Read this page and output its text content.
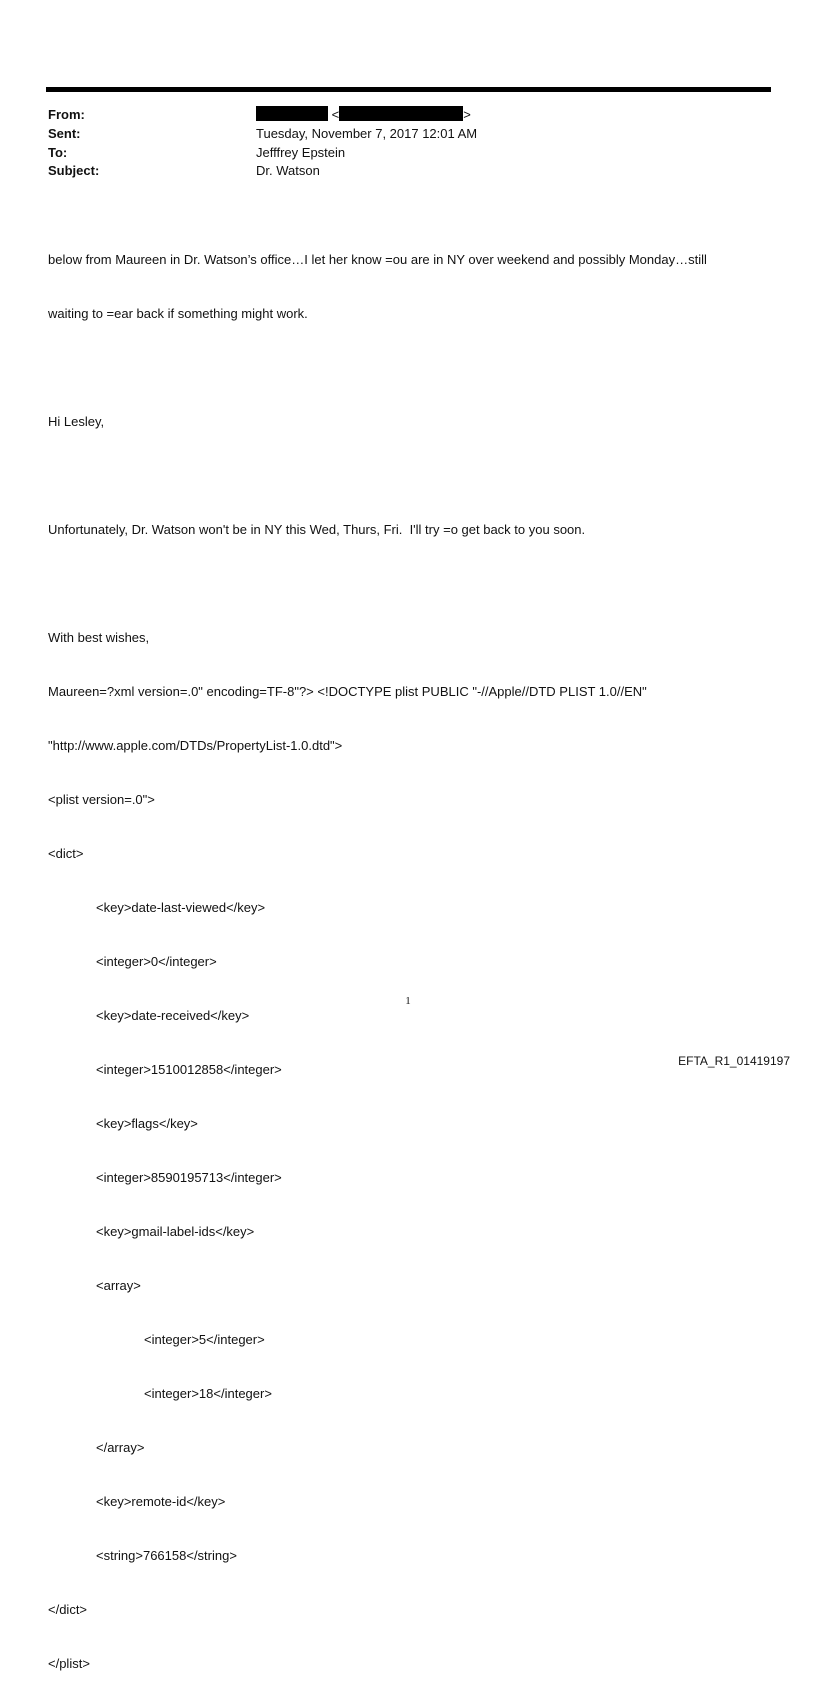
From:	<	>
Sent:	Tuesday, November 7, 2017 12:01 AM
To:	Jefffrey Epstein
Subject:	Dr. Watson

below from Maureen in Dr. Watson’s office…I let her know =ou are in NY over weekend and possibly Monday…still

waiting to =ear back if something might work.

Hi Lesley,

Unfortunately, Dr. Watson won't be in NY this Wed, Thurs, Fri.  I'll try =o get back to you soon.

With best wishes,

Maureen=?xml version=.0" encoding=TF-8"?> <!DOCTYPE plist PUBLIC "-//Apple//DTD PLIST 1.0//EN"

"http://www.apple.com/DTDs/PropertyList-1.0.dtd">

<plist version=.0">

<dict>

<key>date-last-viewed</key>

<integer>0</integer>

<key>date-received</key>

<integer>1510012858</integer>

<key>flags</key>

<integer>8590195713</integer>

<key>gmail-label-ids</key>

<array>

<integer>5</integer>

<integer>18</integer>

</array>

<key>remote-id</key>

<string>766158</string>

</dict>

</plist>

1
EFTA_R1_01419197
